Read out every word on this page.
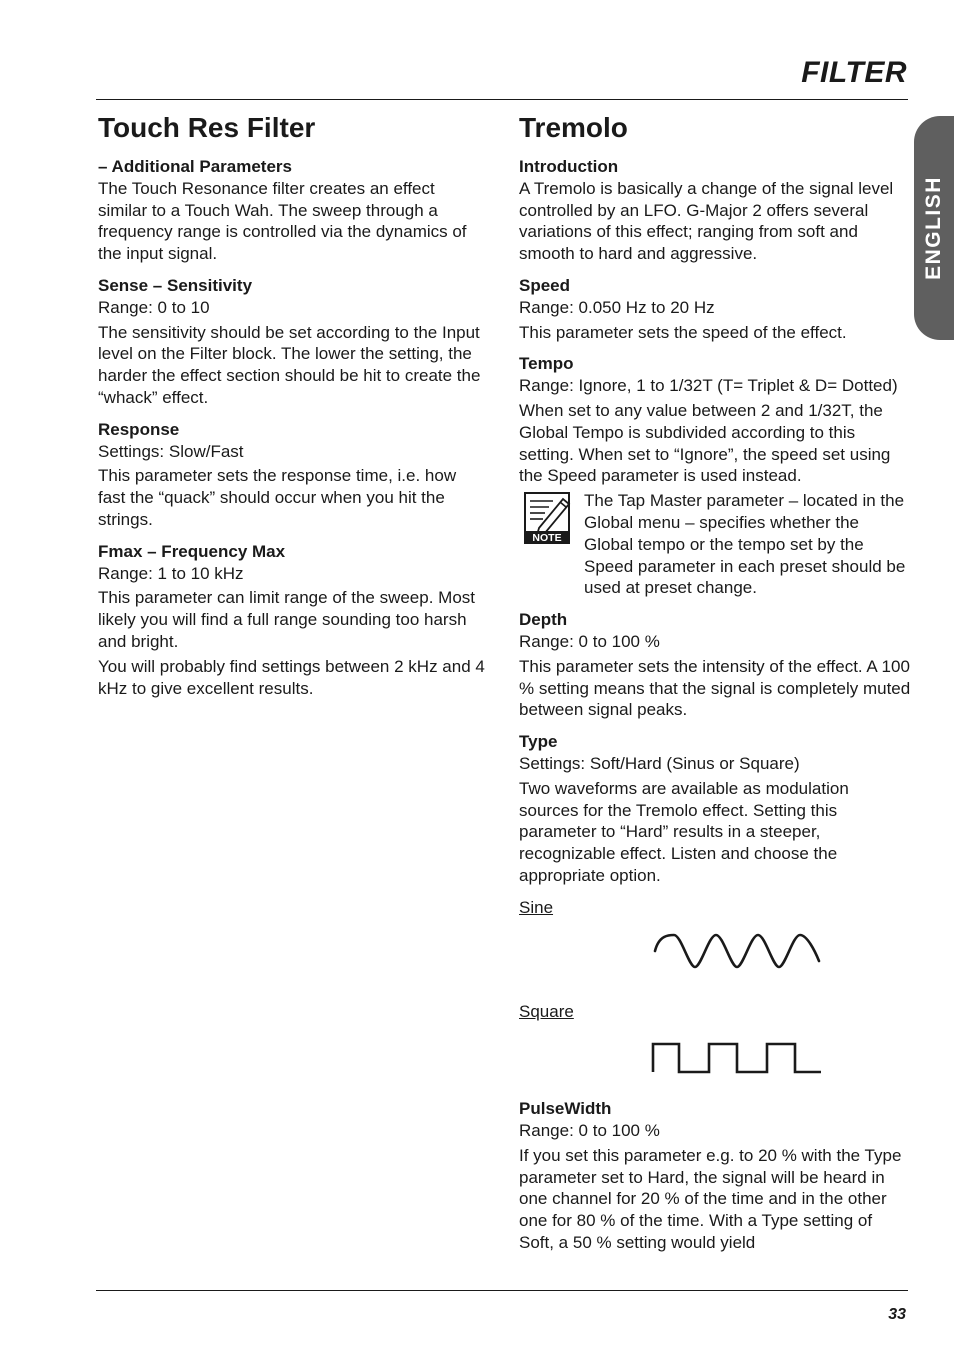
FILTER
ENGLISH
Touch Res Filter
– Additional Parameters

The Touch Resonance filter creates an effect similar to a Touch Wah. The sweep through a frequency range is controlled via the dynamics of the input signal.

Sense – Sensitivity

Range: 0 to 10

The sensitivity should be set according to the Input level on the Filter block. The lower the setting, the harder the effect section should be hit to create the “whack” effect.

Response

Settings: Slow/Fast

This parameter sets the response time, i.e. how fast the “quack” should occur when you hit the strings.

Fmax – Frequency Max

Range: 1 to 10 kHz

This parameter can limit range of the sweep. Most likely you will find a full range sounding too harsh and bright.

You will probably find settings between 2 kHz and 4 kHz to give excellent results.

Tremolo
Introduction

A Tremolo is basically a change of the signal level controlled by an LFO. G-Major 2 offers several variations of this effect; ranging from soft and smooth to hard and aggressive.

Speed

Range: 0.050 Hz to 20 Hz

This parameter sets the speed of the effect.

Tempo

Range: Ignore, 1 to 1/32T (T= Triplet & D= Dotted)

When set to any value between 2 and 1/32T, the Global Tempo is subdivided according to this setting. When set to “Ignore”, the speed set using the Speed parameter is used instead.

NOTE

The Tap Master parameter – located in the Global menu – specifies whether the Global tempo or the tempo set by the Speed parameter in each preset should be used at preset change.

Depth

Range: 0 to 100 %

This parameter sets the intensity of the effect. A 100 % setting means that the signal is completely muted between signal peaks.

Type

Settings: Soft/Hard (Sinus or Square)

Two waveforms are available as modulation sources for the Tremolo effect. Setting this parameter to “Hard” results in a steeper, recognizable effect. Listen and choose the appropriate option.

Sine
Square
PulseWidth

Range: 0 to 100 %

If you set this parameter e.g. to 20 % with the Type parameter set to Hard, the signal will be heard in one channel for 20 % of the time and in the other one for 80 % of the time. With a Type setting of Soft, a 50 % setting would yield

33
